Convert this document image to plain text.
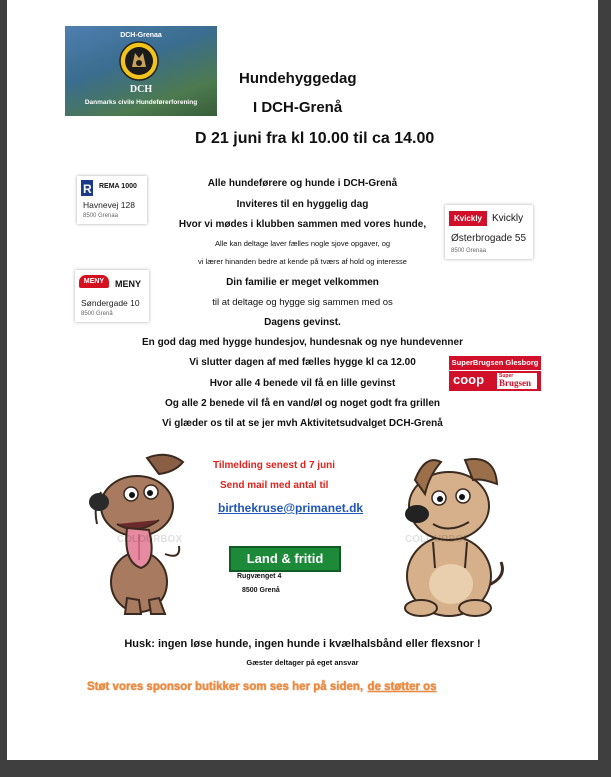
DCH-Grenaa
DCH
Danmarks civile Hundeførerforening
Hundehyggedag
I DCH-Grenå
D 21 juni fra kl 10.00 til ca 14.00
R REMA 1000
Havnevej 128
8500 Grenaa
MENY	MENY
Søndergade 10
8500 Grenå
Kvickly Kvickly
Østerbrogade 55
8500 Grenaa
SuperBrugsen Glesborg
coop	Super
Brugsen
Alle hundeførere og hunde i DCH-Grenå
Inviteres til en hyggelig dag
Hvor vi mødes i klubben sammen med vores hunde,
Alle kan deltage laver fælles nogle sjove opgaver, og
vi lærer hinanden bedre at kende på tværs af hold og interesse
Din familie er meget velkommen
til at deltage og hygge sig sammen med os
Dagens gevinst.
En god dag med hygge hundesjov, hundesnak og nye hundevenner
Vi slutter dagen af med fælles hygge kl ca 12.00
Hvor alle 4 benede vil få en lille gevinst
Og alle 2 benede vil få en vand/øl og noget godt fra grillen
Vi glæder os til at se jer mvh Aktivitetsudvalget DCH-Grenå
COLOURBOX
Tilmelding senest d 7 juni
Send mail med antal til
birthekruse@primanet.dk
Land & fritid
Rugvænget 4
8500 Grenå
COLOURBOX
Husk: ingen løse hunde, ingen hunde i kvælhalsbånd eller flexsnor !
Gæster deltager på eget ansvar
Støt vores sponsor butikker som ses her på siden, de støtter os
